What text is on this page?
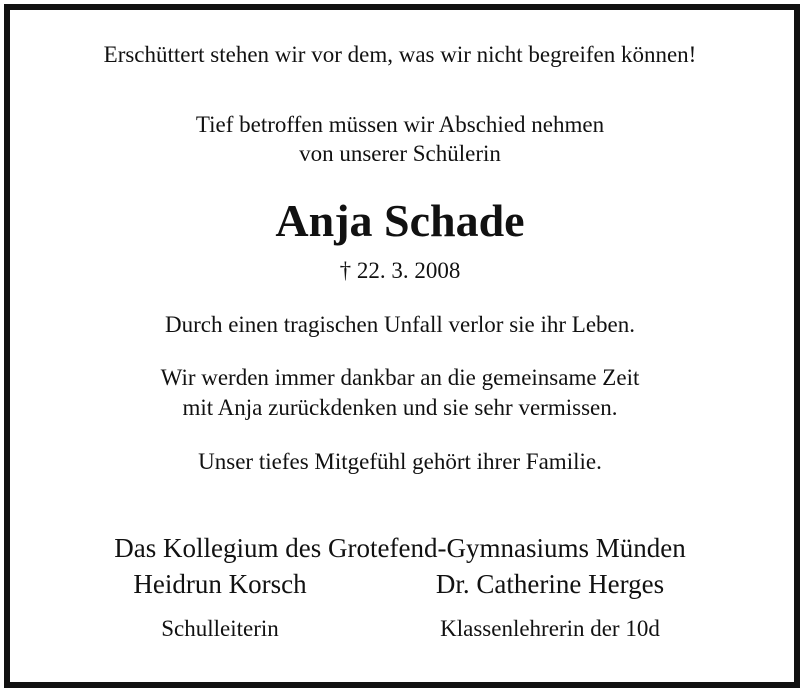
Erschüttert stehen wir vor dem, was wir nicht begreifen können!
Tief betroffen müssen wir Abschied nehmen
von unserer Schülerin
Anja Schade
† 22. 3. 2008
Durch einen tragischen Unfall verlor sie ihr Leben.
Wir werden immer dankbar an die gemeinsame Zeit
mit Anja zurückdenken und sie sehr vermissen.
Unser tiefes Mitgefühl gehört ihrer Familie.
Das Kollegium des Grotefend-Gymnasiums Münden
Heidrun Korsch	Dr. Catherine Herges
Schulleiterin	Klassenlehrerin der 10d
